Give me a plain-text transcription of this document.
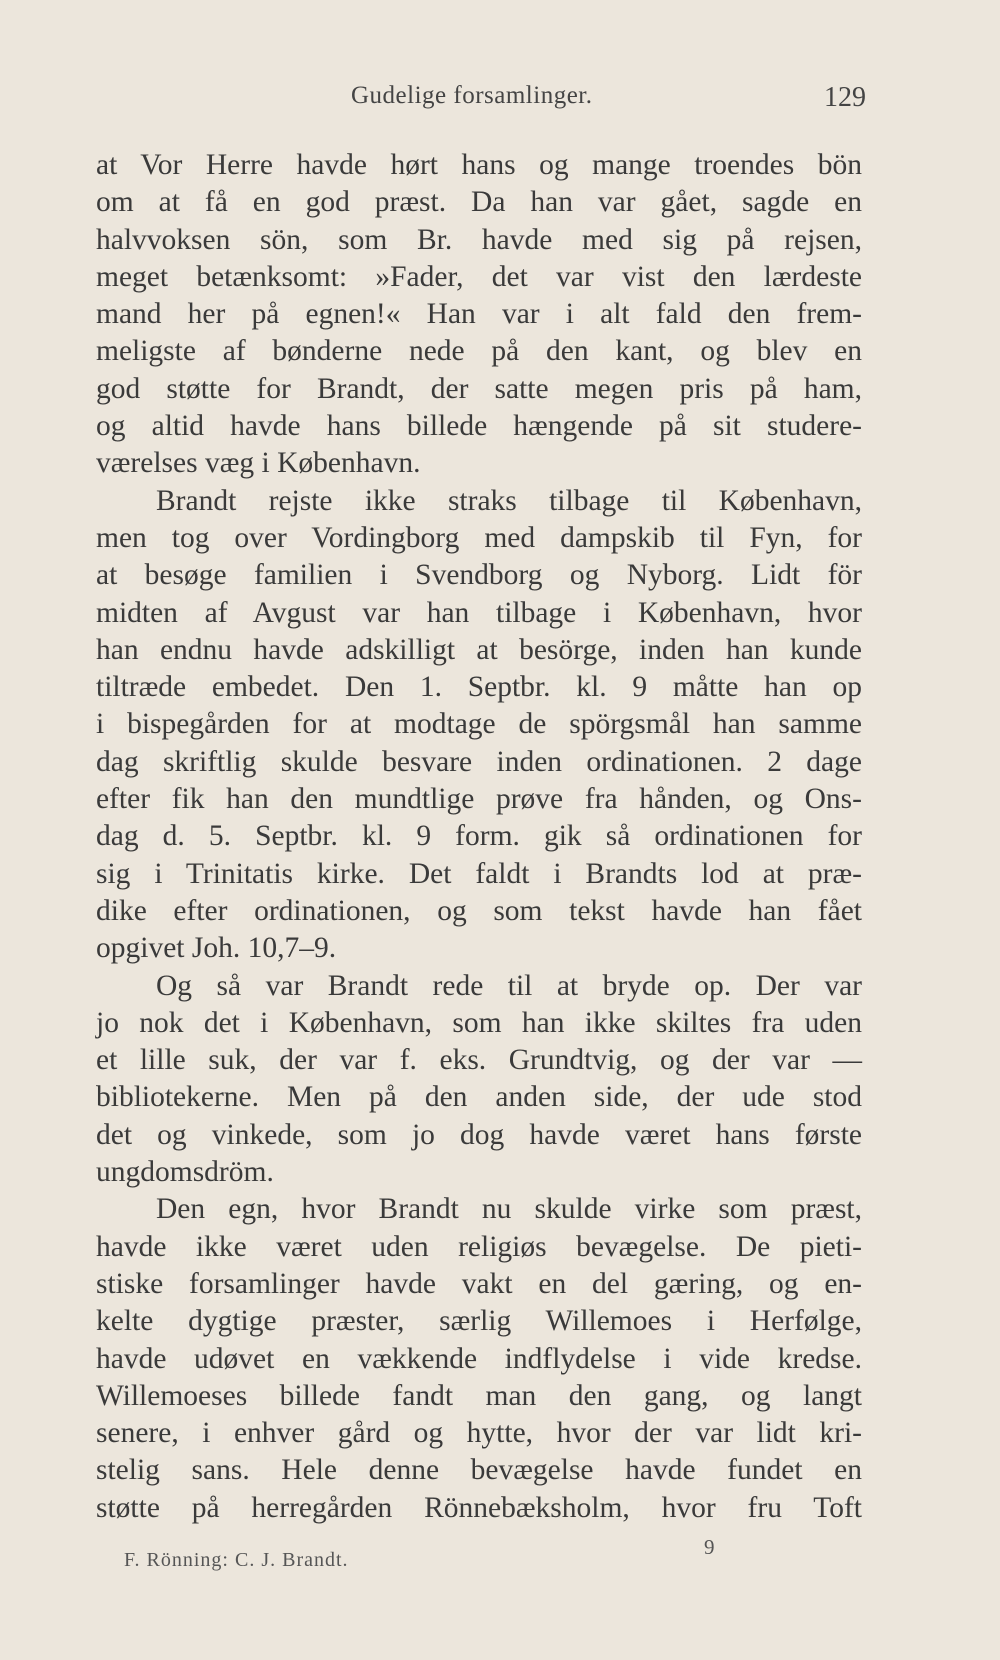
Gudelige forsamlinger.	129
at Vor Herre havde hørt hans og mange troendes bön
om at få en god præst. Da han var gået, sagde en
halvvoksen sön, som Br. havde med sig på rejsen,
meget betænksomt: »Fader, det var vist den lærdeste
mand her på egnen!« Han var i alt fald den frem-
meligste af bønderne nede på den kant, og blev en
god støtte for Brandt, der satte megen pris på ham,
og altid havde hans billede hængende på sit studere-
værelses væg i København.
Brandt rejste ikke straks tilbage til København,
men tog over Vordingborg med dampskib til Fyn, for
at besøge familien i Svendborg og Nyborg. Lidt för
midten af Avgust var han tilbage i København, hvor
han endnu havde adskilligt at besörge, inden han kunde
tiltræde embedet. Den 1. Septbr. kl. 9 måtte han op
i bispegården for at modtage de spörgsmål han samme
dag skriftlig skulde besvare inden ordinationen. 2 dage
efter fik han den mundtlige prøve fra hånden, og Ons-
dag d. 5. Septbr. kl. 9 form. gik så ordinationen for
sig i Trinitatis kirke. Det faldt i Brandts lod at præ-
dike efter ordinationen, og som tekst havde han fået
opgivet Joh. 10,7–9.
Og så var Brandt rede til at bryde op. Der var
jo nok det i København, som han ikke skiltes fra uden
et lille suk, der var f. eks. Grundtvig, og der var —
bibliotekerne. Men på den anden side, der ude stod
det og vinkede, som jo dog havde været hans første
ungdomsdröm.
Den egn, hvor Brandt nu skulde virke som præst,
havde ikke været uden religiøs bevægelse. De pieti-
stiske forsamlinger havde vakt en del gæring, og en-
kelte dygtige præster, særlig Willemoes i Herfølge,
havde udøvet en vækkende indflydelse i vide kredse.
Willemoeses billede fandt man den gang, og langt
senere, i enhver gård og hytte, hvor der var lidt kri-
stelig sans. Hele denne bevægelse havde fundet en
støtte på herregården Rönnebæksholm, hvor fru Toft
F. Rönning: C. J. Brandt.
9
